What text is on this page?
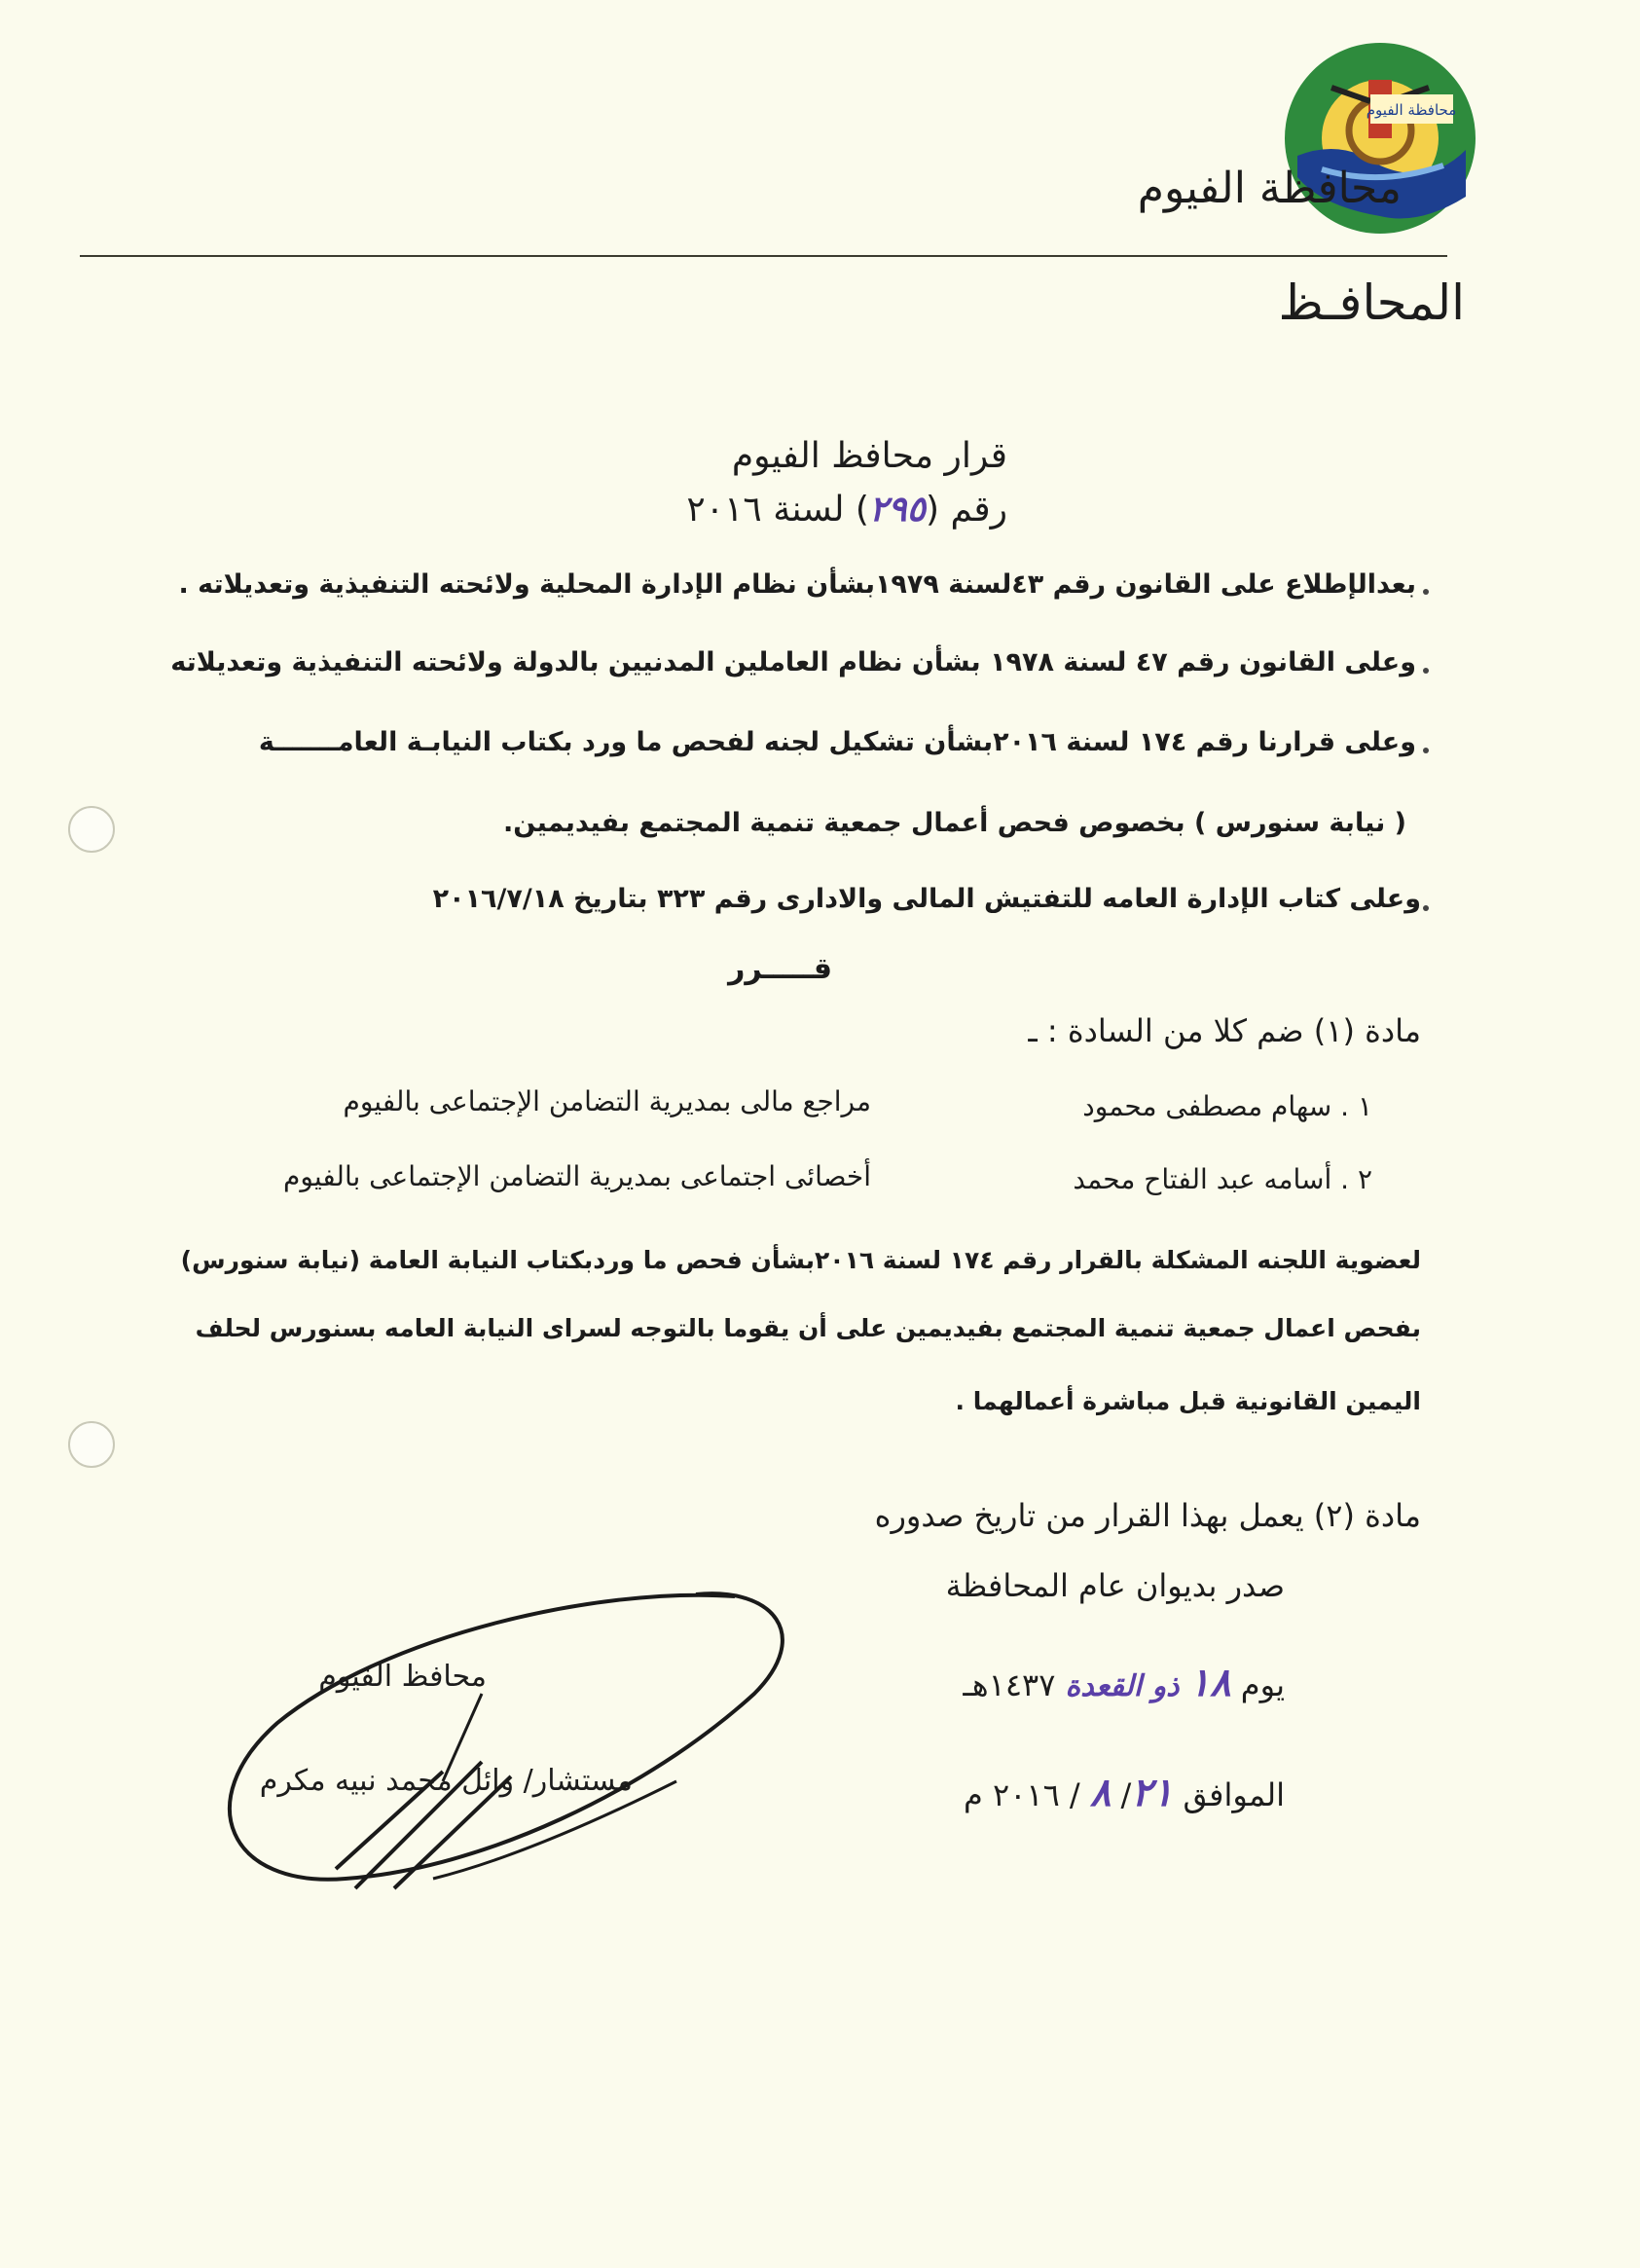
محافظة الفيوم
محافظة الفيوم
المحافـظ
قرار محافظ الفيوم
رقم (٢٩٥) لسنة ٢٠١٦
بعدالإطلاع على القانون رقم ٤٣لسنة ١٩٧٩بشأن نظام الإدارة المحلية ولائحته التنفيذية وتعديلاته .
وعلى القانون رقم ٤٧ لسنة ١٩٧٨ بشأن نظام العاملين المدنيين بالدولة ولائحته التنفيذية وتعديلاته
وعلى قرارنا رقم ١٧٤ لسنة ٢٠١٦بشأن تشكيل لجنه لفحص ما ورد بكتاب النيابـة العامـــــــة
( نيابة سنورس ) بخصوص فحص أعمال جمعية تنمية المجتمع بفيديمين.
وعلى كتاب الإدارة العامه للتفتيش المالى والادارى رقم ٣٢٣ بتاريخ ٢٠١٦/٧/١٨
قـــــرر
مادة (١) ضم كلا من السادة : ـ
١ . سهام مصطفى محمود
مراجع مالى بمديرية التضامن الإجتماعى بالفيوم
٢ . أسامه عبد الفتاح محمد
أخصائى اجتماعى بمديرية التضامن الإجتماعى بالفيوم
لعضوية اللجنه المشكلة بالقرار رقم ١٧٤ لسنة ٢٠١٦بشأن فحص ما وردبكتاب النيابة العامة (نيابة سنورس)
بفحص اعمال جمعية تنمية المجتمع بفيديمين على أن يقوما بالتوجه لسراى النيابة العامه بسنورس لحلف
اليمين القانونية قبل مباشرة أعمالهما .
مادة (٢) يعمل بهذا القرار من تاريخ صدوره
صدر بديوان عام المحافظة
يوم ١٨ ذو القعدة ١٤٣٧هـ
الموافق ٢١/ ٨ / ٢٠١٦ م
محافظ الفيوم
مستشار/ وائل محمد نبيه مكرم
